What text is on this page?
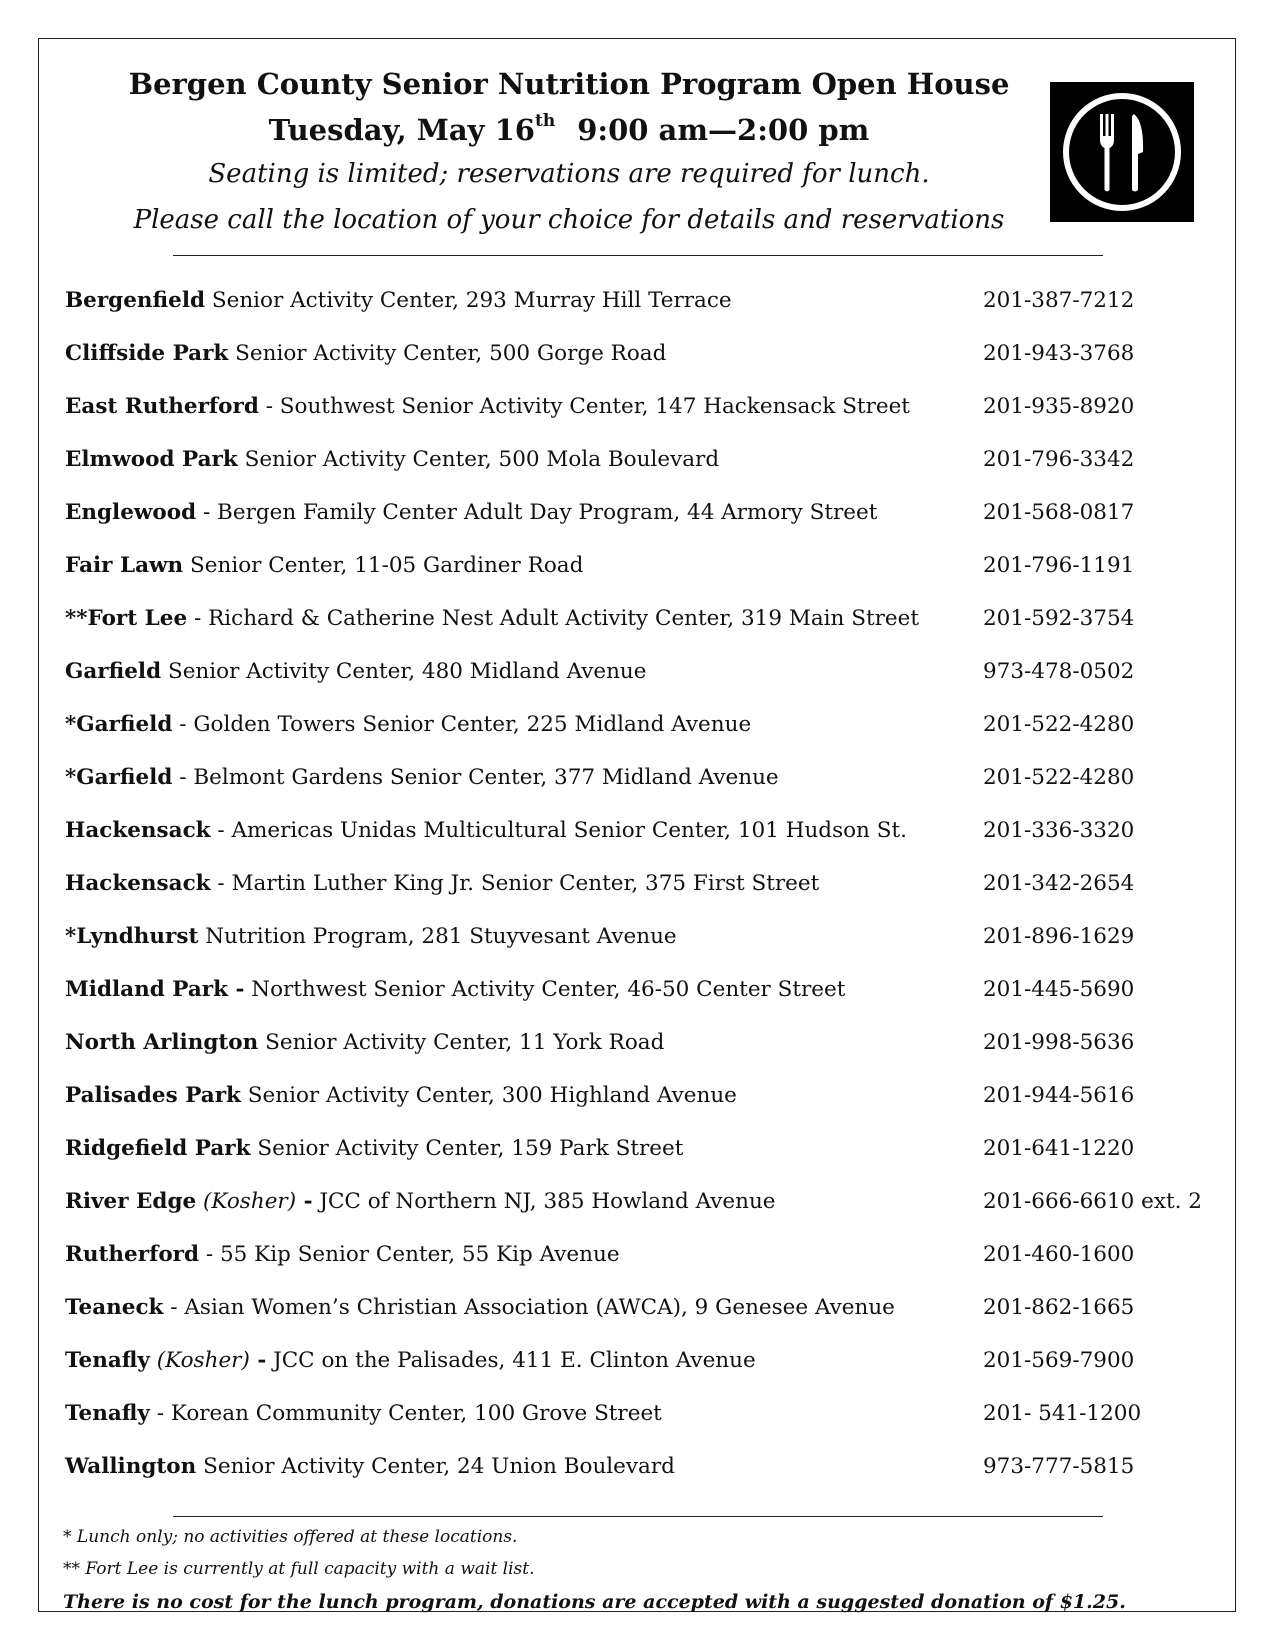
Bergen County Senior Nutrition Program Open House
Tuesday, May 16th 9:00 am—2:00 pm
Seating is limited; reservations are required for lunch.
Please call the location of your choice for details and reservations
Bergenfield Senior Activity Center, 293 Murray Hill Terrace	201-387-7212
Cliffside Park Senior Activity Center, 500 Gorge Road	201-943-3768
East Rutherford - Southwest Senior Activity Center, 147 Hackensack Street	201-935-8920
Elmwood Park Senior Activity Center, 500 Mola Boulevard	201-796-3342
Englewood - Bergen Family Center Adult Day Program, 44 Armory Street	201-568-0817
Fair Lawn Senior Center, 11-05 Gardiner Road	201-796-1191
**Fort Lee - Richard & Catherine Nest Adult Activity Center, 319 Main Street	201-592-3754
Garfield Senior Activity Center, 480 Midland Avenue	973-478-0502
*Garfield - Golden Towers Senior Center, 225 Midland Avenue	201-522-4280
*Garfield - Belmont Gardens Senior Center, 377 Midland Avenue	201-522-4280
Hackensack - Americas Unidas Multicultural Senior Center, 101 Hudson St.	201-336-3320
Hackensack - Martin Luther King Jr. Senior Center, 375 First Street	201-342-2654
*Lyndhurst Nutrition Program, 281 Stuyvesant Avenue	201-896-1629
Midland Park - Northwest Senior Activity Center, 46-50 Center Street	201-445-5690
North Arlington Senior Activity Center, 11 York Road	201-998-5636
Palisades Park Senior Activity Center, 300 Highland Avenue	201-944-5616
Ridgefield Park Senior Activity Center, 159 Park Street	201-641-1220
River Edge (Kosher) - JCC of Northern NJ, 385 Howland Avenue	201-666-6610 ext. 2
Rutherford - 55 Kip Senior Center, 55 Kip Avenue	201-460-1600
Teaneck - Asian Women’s Christian Association (AWCA), 9 Genesee Avenue	201-862-1665
Tenafly (Kosher) - JCC on the Palisades, 411 E. Clinton Avenue	201-569-7900
Tenafly - Korean Community Center, 100 Grove Street	201- 541-1200
Wallington Senior Activity Center, 24 Union Boulevard	973-777-5815
* Lunch only; no activities offered at these locations.
** Fort Lee is currently at full capacity with a wait list.
There is no cost for the lunch program, donations are accepted with a suggested donation of $1.25.
